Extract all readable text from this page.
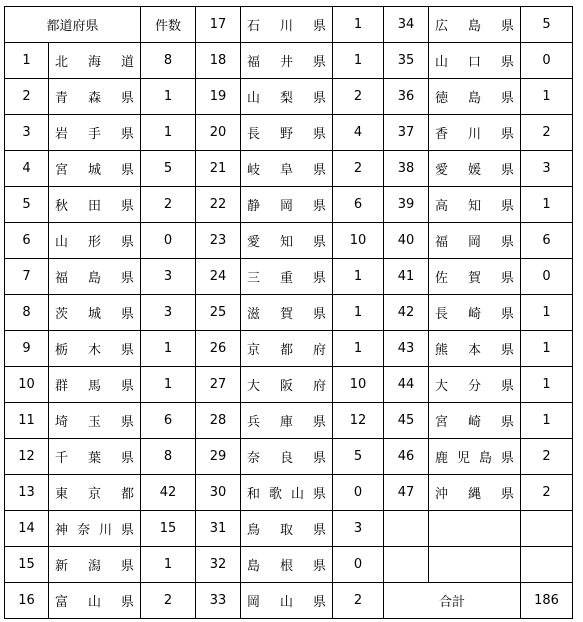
都道府県		件数	17	石川県	1	34	広島県	5
1	北海道	8	18	福井県	1	35	山口県	0
2	青森県	1	19	山梨県	2	36	徳島県	1
3	岩手県	1	20	長野県	4	37	香川県	2
4	宮城県	5	21	岐阜県	2	38	愛媛県	3
5	秋田県	2	22	静岡県	6	39	高知県	1
6	山形県	0	23	愛知県	10	40	福岡県	6
7	福島県	3	24	三重県	1	41	佐賀県	0
8	茨城県	3	25	滋賀県	1	42	長崎県	1
9	栃木県	1	26	京都府	1	43	熊本県	1
10	群馬県	1	27	大阪府	10	44	大分県	1
11	埼玉県	6	28	兵庫県	12	45	宮崎県	1
12	千葉県	8	29	奈良県	5	46	鹿児島県	2
13	東京都	42	30	和歌山県	0	47	沖縄県	2
14	神奈川県	15	31	鳥取県	3			
15	新潟県	1	32	島根県	0			
16	富山県	2	33	岡山県	2	合計		186
